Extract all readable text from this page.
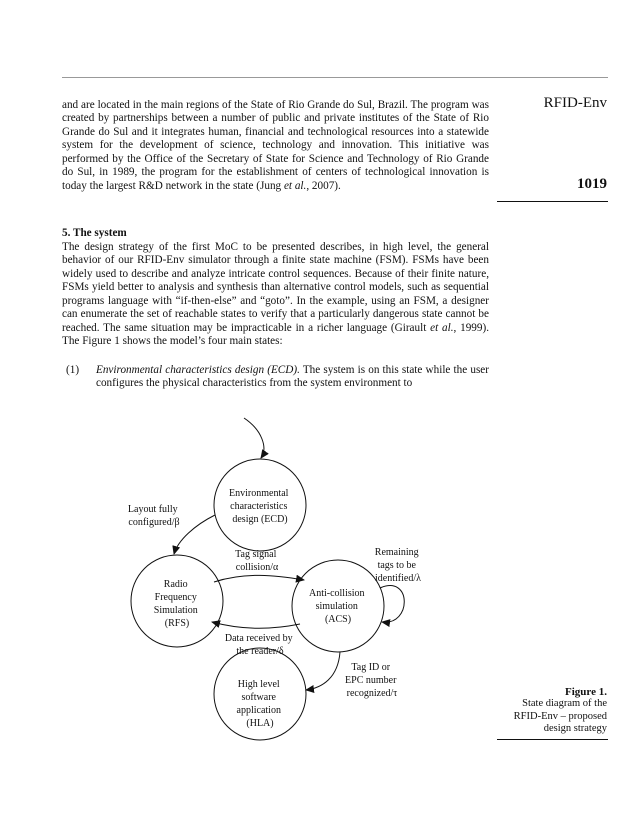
RFID-Env
1019
and are located in the main regions of the State of Rio Grande do Sul, Brazil. The program was created by partnerships between a number of public and private institutes of the State of Rio Grande do Sul and it integrates human, financial and technological resources into a statewide system for the development of science, technology and innovation. This initiative was performed by the Office of the Secretary of State for Science and Technology of Rio Grande do Sul, in 1989, the program for the establishment of centers of technological innovation is today the largest R&D network in the state (Jung et al., 2007).
5. The system
The design strategy of the first MoC to be presented describes, in high level, the general behavior of our RFID-Env simulator through a finite state machine (FSM). FSMs have been widely used to describe and analyze intricate control sequences. Because of their finite nature, FSMs yield better to analysis and synthesis than alternative control models, such as sequential programs language with “if-then-else” and “goto”. In the example, using an FSM, a designer can enumerate the set of reachable states to verify that a particularly dangerous state cannot be reached. The same situation may be impracticable in a richer language (Girault et al., 1999). The Figure 1 shows the model’s four main states:
(1) Environmental characteristics design (ECD). The system is on this state while the user configures the physical characteristics from the system environment to
Environmental characteristics design (ECD)
Radio Frequency Simulation (RFS)
Anti-collision simulation (ACS)
High level software application (HLA)
Layout fully configured/β
Tag signal collision/α
Remaining tags to be identified/λ
Data received by the reader/δ
Tag ID or EPC number recognized/τ	Figure 1.
State diagram of the
RFID-Env – proposed
design strategy
